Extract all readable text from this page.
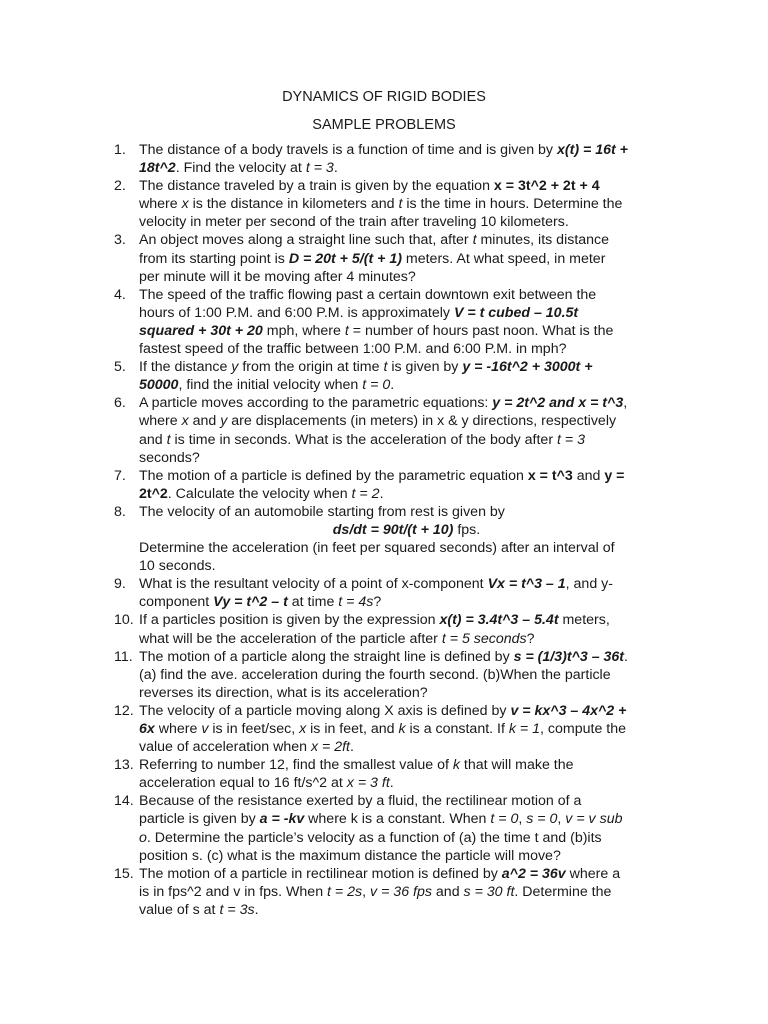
DYNAMICS OF RIGID BODIES
SAMPLE PROBLEMS
1. The distance of a body travels is a function of time and is given by x(t) = 16t +
18t^2. Find the velocity at t = 3.
2. The distance traveled by a train is given by the equation x = 3t^2 + 2t + 4
where x is the distance in kilometers and t is the time in hours. Determine the
velocity in meter per second of the train after traveling 10 kilometers.
3. An object moves along a straight line such that, after t minutes, its distance
from its starting point is D = 20t + 5/(t + 1) meters. At what speed, in meter
per minute will it be moving after 4 minutes?
4. The speed of the traffic flowing past a certain downtown exit between the
hours of 1:00 P.M. and 6:00 P.M. is approximately V = t cubed – 10.5t
squared + 30t + 20 mph, where t = number of hours past noon. What is the
fastest speed of the traffic between 1:00 P.M. and 6:00 P.M. in mph?
5. If the distance y from the origin at time t is given by y = -16t^2 + 3000t +
50000, find the initial velocity when t = 0.
6. A particle moves according to the parametric equations: y = 2t^2 and x = t^3,
where x and y are displacements (in meters) in x & y directions, respectively
and t is time in seconds. What is the acceleration of the body after t = 3
seconds?
7. The motion of a particle is defined by the parametric equation x = t^3 and y =
2t^2. Calculate the velocity when t = 2.
8. The velocity of an automobile starting from rest is given by
ds/dt = 90t/(t + 10) fps.
Determine the acceleration (in feet per squared seconds) after an interval of
10 seconds.
9. What is the resultant velocity of a point of x-component Vx = t^3 – 1, and y-
component Vy = t^2 – t at time t = 4s?
10. If a particles position is given by the expression x(t) = 3.4t^3 – 5.4t meters,
what will be the acceleration of the particle after t = 5 seconds?
11. The motion of a particle along the straight line is defined by s = (1/3)t^3 – 36t.
(a) find the ave. acceleration during the fourth second. (b)When the particle
reverses its direction, what is its acceleration?
12. The velocity of a particle moving along X axis is defined by v = kx^3 – 4x^2 +
6x where v is in feet/sec, x is in feet, and k is a constant. If k = 1, compute the
value of acceleration when x = 2ft.
13. Referring to number 12, find the smallest value of k that will make the
acceleration equal to 16 ft/s^2 at x = 3 ft.
14. Because of the resistance exerted by a fluid, the rectilinear motion of a
particle is given by a = -kv where k is a constant. When t = 0, s = 0, v = v sub
o. Determine the particle’s velocity as a function of (a) the time t and (b)its
position s. (c) what is the maximum distance the particle will move?
15. The motion of a particle in rectilinear motion is defined by a^2 = 36v where a
is in fps^2 and v in fps. When t = 2s, v = 36 fps and s = 30 ft. Determine the
value of s at t = 3s.
